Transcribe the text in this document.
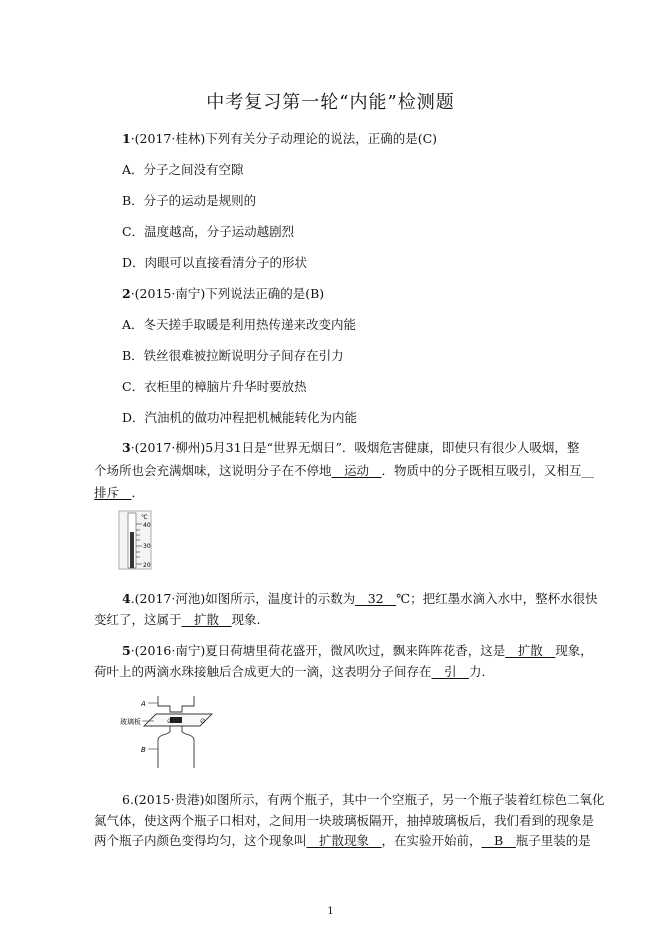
中考复习第一轮“内能”检测题
1·(2017·桂林)下列有关分子动理论的说法，正确的是(C)
A．分子之间没有空隙
B．分子的运动是规则的
C．温度越高，分子运动越剧烈
D．肉眼可以直接看清分子的形状
2·(2015·南宁)下列说法正确的是(B)
A．冬天搓手取暖是利用热传递来改变内能
B．铁丝很难被拉断说明分子间存在引力
C．衣柜里的樟脑片升华时要放热
D．汽油机的做功冲程把机械能转化为内能
3·(2017·柳州)5月31日是“世界无烟日”．吸烟危害健康，即使只有很少人吸烟，整
个场所也会充满烟味，这说明分子在不停地__运动__．物质中的分子既相互吸引，又相互__
排斥__．
℃
40
30
20
4.(2017·河池)如图所示，温度计的示数为__32__℃；把红墨水滴入水中，整杯水很快
变红了，这属于__扩散__现象.
5·(2016·南宁)夏日荷塘里荷花盛开，微风吹过，飘来阵阵花香，这是__扩散__现象，
荷叶上的两滴水珠接触后合成更大的一滴，这表明分子间存在__引__力．
∅	∅
A
B
玻璃板
6.(2015·贵港)如图所示，有两个瓶子，其中一个空瓶子，另一个瓶子装着红棕色二氧化
氮气体，使这两个瓶子口相对，之间用一块玻璃板隔开，抽掉玻璃板后，我们看到的现象是
两个瓶子内颜色变得均匀，这个现象叫__扩散现象__，在实验开始前，__B__瓶子里装的是
1
